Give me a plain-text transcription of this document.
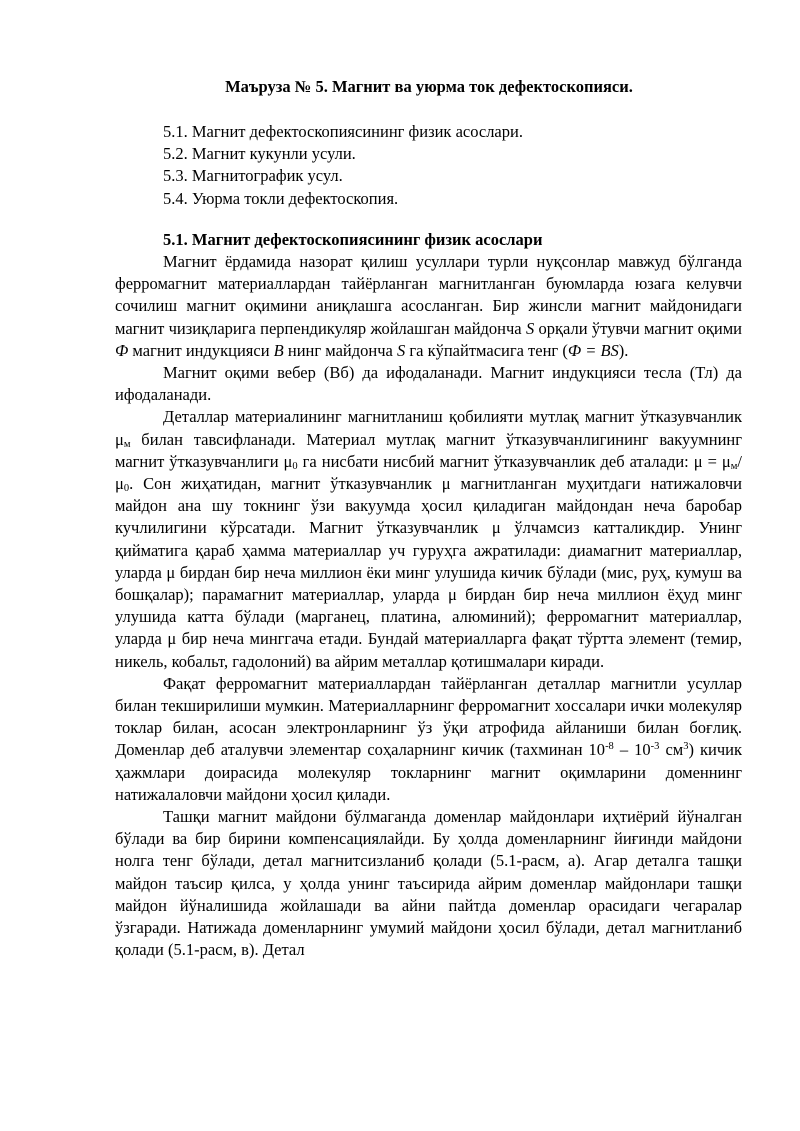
Маъруза № 5. Магнит ва уюрма ток дефектоскопияси.
5.1. Магнит дефектоскопиясининг физик асослари.
5.2. Магнит кукунли усули.
5.3. Магнитографик усул.
5.4. Уюрма токли дефектоскопия.
5.1. Магнит дефектоскопиясининг физик асослари

Магнит ёрдамида назорат қилиш усуллари турли нуқсонлар мавжуд бўлганда ферромагнит материаллардан тайёрланган магнитланган буюмларда юзага келувчи сочилиш магнит оқимини аниқлашга асосланган. Бир жинсли магнит майдонидаги магнит чизиқларига перпендикуляр жойлашган майдонча S орқали ўтувчи магнит оқими Ф магнит индукцияси B нинг майдонча S га кўпайтмасига тенг (Ф = BS).

Магнит оқими вебер (Вб) да ифодаланади. Магнит индукцияси тесла (Тл) да ифодаланади.

Деталлар материалининг магнитланиш қобилияти мутлақ магнит ўтказувчанлик $\mu_м$ билан тавсифланади. Материал мутлақ магнит ўтказувчанлигининг вакуумнинг магнит ўтказувчанлиги $\mu_0$ га нисбати нисбий магнит ўтказувчанлик деб аталади: $\mu = \mu_м/\mu_0$. Сон жиҳатидан, магнит ўтказувчанлик μ магнитланган муҳитдаги натижаловчи майдон ана шу токнинг ўзи вакуумда ҳосил қиладиган майдондан неча баробар кучлилигини кўрсатади. Магнит ўтказувчанлик μ ўлчамсиз катталикдир. Унинг қийматига қараб ҳамма материаллар уч гуруҳга ажратилади: диамагнит материаллар, уларда μ бирдан бир неча миллион ёки минг улушида кичик бўлади (мис, руҳ, кумуш ва бошқалар); парамагнит материаллар, уларда μ бирдан бир неча миллион ёҳуд минг улушида катта бўлади (марганец, платина, алюминий); ферромагнит материаллар, уларда μ бир неча минггача етади. Бундай материалларга фақат тўртта элемент (темир, никель, кобальт, гадолоний) ва айрим металлар қотишмалари киради.

Фақат ферромагнит материаллардан тайёрланган деталлар магнитли усуллар билан текширилиши мумкин. Материалларнинг ферромагнит хоссалари ички молекуляр токлар билан, асосан электронларнинг ўз ўқи атрофида айланиши билан боғлиқ. Доменлар деб аталувчи элементар соҳаларнинг кичик (тахминан $10^{-8} - 10^{-3}$ $см^3$) кичик ҳажмлари доирасида молекуляр токларнинг магнит оқимларини доменнинг натижалаловчи майдони ҳосил қилади.

Ташқи магнит майдони бўлмаганда доменлар майдонлари иҳтиёрий йўналган бўлади ва бир бирини компенсациялайди. Бу ҳолда доменларнинг йиғинди майдони нолга тенг бўлади, детал магнитсизланиб қолади (5.1-расм, а). Агар деталга ташқи майдон таъсир қилса, у ҳолда унинг таъсирида айрим доменлар майдонлари ташқи майдон йўналишида жойлашади ва айни пайтда доменлар орасидаги чегаралар ўзгаради. Натижада доменларнинг умумий майдони ҳосил бўлади, детал магнитланиб қолади (5.1-расм, в). Детал
